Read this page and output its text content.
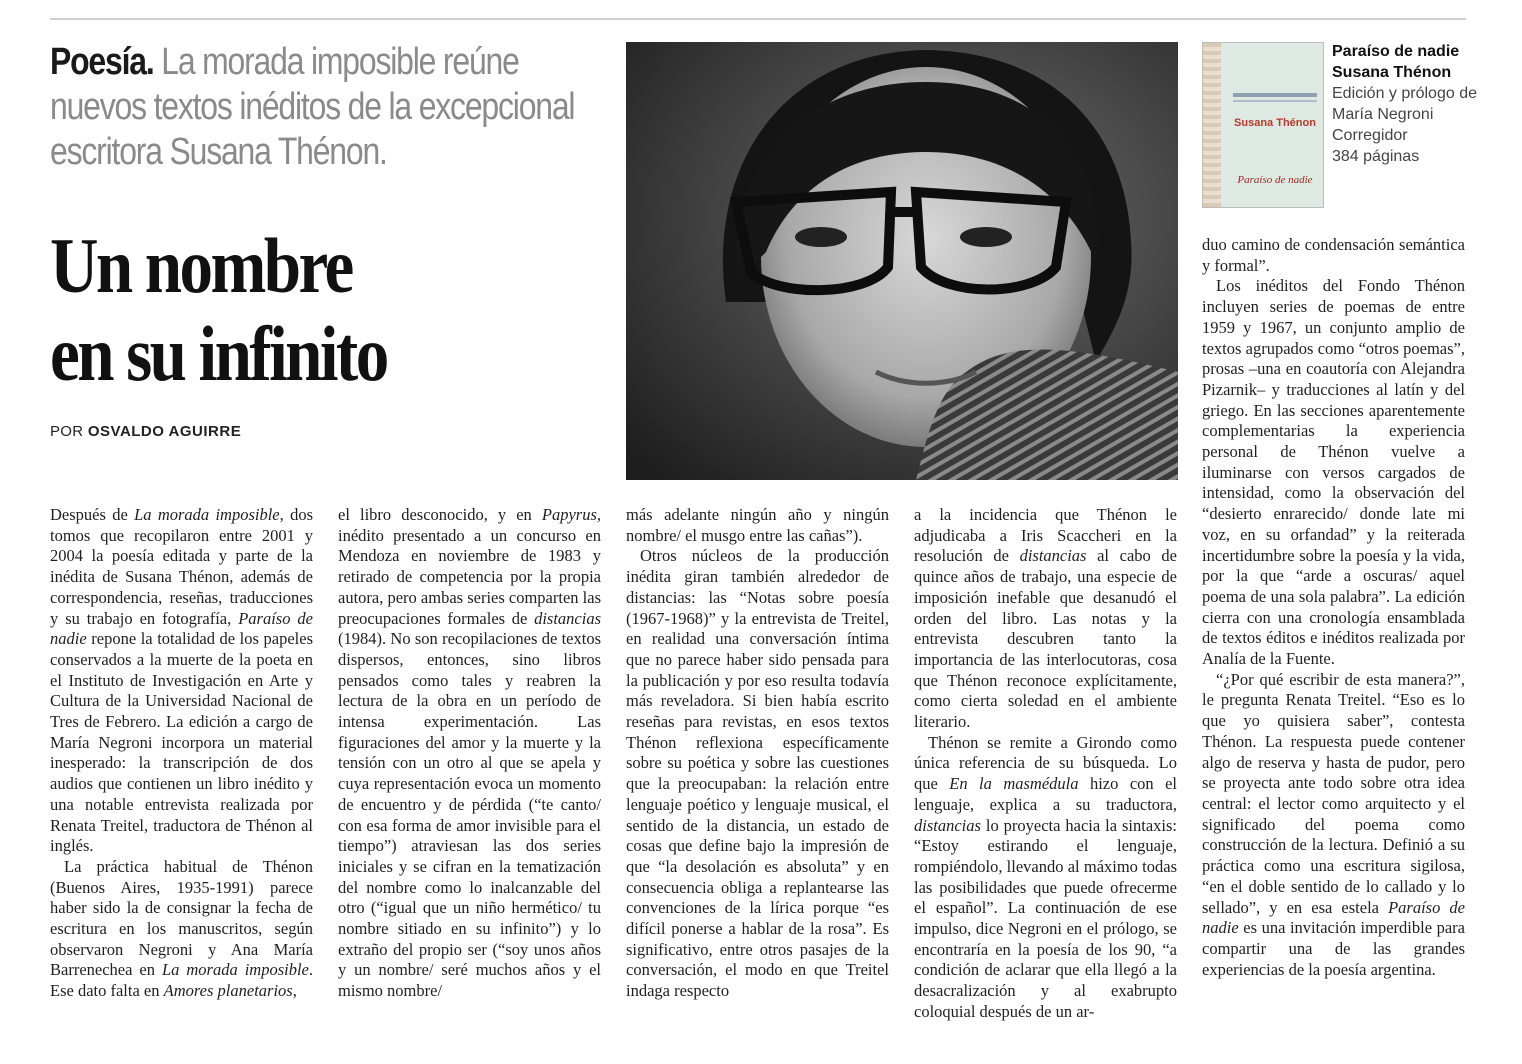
Poesía. La morada imposible reúne nuevos textos inéditos de la excepcional escritora Susana Thénon.
Un nombre
en su infinito
POR OSVALDO AGUIRRE
Susana Thénon
Paraíso de nadie
Paraíso de nadie
Susana Thénon
Edición y prólogo de
María Negroni
Corregidor
384 páginas

Después de La morada imposible, dos tomos que recopilaron entre 2001 y 2004 la poesía editada y parte de la inédita de Susana Thénon, además de correspondencia, reseñas, traducciones y su trabajo en fotografía, Paraíso de nadie repone la totalidad de los papeles conservados a la muerte de la poeta en el Instituto de Investigación en Arte y Cultura de la Universidad Nacional de Tres de Febrero. La edición a cargo de María Negroni incorpora un material inesperado: la transcripción de dos audios que contienen un libro inédito y una notable entrevista realizada por Renata Treitel, traductora de Thénon al inglés.

La práctica habitual de Thénon (Buenos Aires, 1935-1991) parece haber sido la de consignar la fecha de escritura en los manuscritos, según observaron Negroni y Ana María Barrenechea en La morada imposible. Ese dato falta en Amores planetarios,

el libro desconocido, y en Papyrus, inédito presentado a un concurso en Mendoza en noviembre de 1983 y retirado de competencia por la propia autora, pero ambas series comparten las preocupaciones formales de distancias (1984). No son recopilaciones de textos dispersos, entonces, sino libros pensados como tales y reabren la lectura de la obra en un período de intensa experimentación. Las figuraciones del amor y la muerte y la tensión con un otro al que se apela y cuya representación evoca un momento de encuentro y de pérdida (“te canto/ con esa forma de amor invisible para el tiempo”) atraviesan las dos series iniciales y se cifran en la tematización del nombre como lo inalcanzable del otro (“igual que un niño hermético/ tu nombre sitiado en su infinito”) y lo extraño del propio ser (“soy unos años y un nombre/ seré muchos años y el mismo nombre/

más adelante ningún año y ningún nombre/ el musgo entre las cañas”).

Otros núcleos de la producción inédita giran también alrededor de distancias: las “Notas sobre poesía (1967-1968)” y la entrevista de Treitel, en realidad una conversación íntima que no parece haber sido pensada para la publicación y por eso resulta todavía más reveladora. Si bien había escrito reseñas para revistas, en esos textos Thénon reflexiona específicamente sobre su poética y sobre las cuestiones que la preocupaban: la relación entre lenguaje poético y lenguaje musical, el sentido de la distancia, un estado de cosas que define bajo la impresión de que “la desolación es absoluta” y en consecuencia obliga a replantearse las convenciones de la lírica porque “es difícil ponerse a hablar de la rosa”. Es significativo, entre otros pasajes de la conversación, el modo en que Treitel indaga respecto

a la incidencia que Thénon le adjudicaba a Iris Scaccheri en la resolución de distancias al cabo de quince años de trabajo, una especie de imposición inefable que desanudó el orden del libro. Las notas y la entrevista descubren tanto la importancia de las interlocutoras, cosa que Thénon reconoce explícitamente, como cierta soledad en el ambiente literario.

Thénon se remite a Girondo como única referencia de su búsqueda. Lo que En la masmédula hizo con el lenguaje, explica a su traductora, distancias lo proyecta hacia la sintaxis: “Estoy estirando el lenguaje, rompiéndolo, llevando al máximo todas las posibilidades que puede ofrecerme el español”. La continuación de ese impulso, dice Negroni en el prólogo, se encontraría en la poesía de los 90, “a condición de aclarar que ella llegó a la desacralización y al exabrupto coloquial después de un ar-

duo camino de condensación semántica y formal”.

Los inéditos del Fondo Thénon incluyen series de poemas de entre 1959 y 1967, un conjunto amplio de textos agrupados como “otros poemas”, prosas –una en coautoría con Alejandra Pizarnik– y traducciones al latín y del griego. En las secciones aparentemente complementarias la experiencia personal de Thénon vuelve a iluminarse con versos cargados de intensidad, como la observación del “desierto enrarecido/ donde late mi voz, en su orfandad” y la reiterada incertidumbre sobre la poesía y la vida, por la que “arde a oscuras/ aquel poema de una sola palabra”. La edición cierra con una cronología ensamblada de textos éditos e inéditos realizada por Analía de la Fuente.

“¿Por qué escribir de esta manera?”, le pregunta Renata Treitel. “Eso es lo que yo quisiera saber”, contesta Thénon. La respuesta puede contener algo de reserva y hasta de pudor, pero se proyecta ante todo sobre otra idea central: el lector como arquitecto y el significado del poema como construcción de la lectura. Definió a su práctica como una escritura sigilosa, “en el doble sentido de lo callado y lo sellado”, y en esa estela Paraíso de nadie es una invitación imperdible para compartir una de las grandes experiencias de la poesía argentina.
